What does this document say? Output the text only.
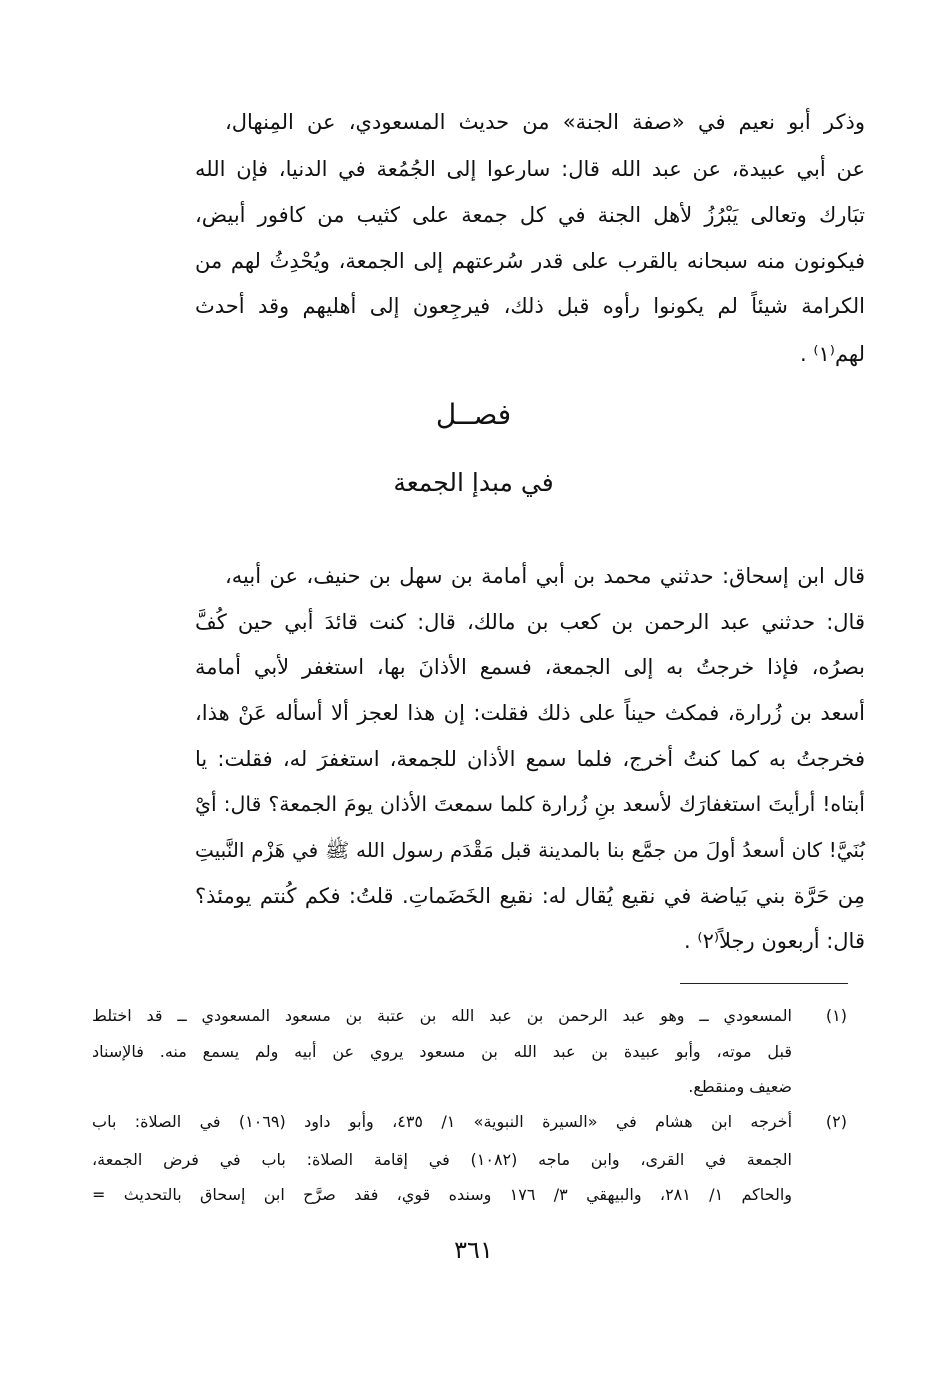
وذكر أبو نعيم في «صفة الجنة» من حديث المسعودي، عن المِنهال،
عن أبي عبيدة، عن عبد الله قال: سارعوا إلى الجُمُعة في الدنيا، فإن الله
تبَارك وتعالى يَبْرُزُ لأهل الجنة في كل جمعة على كثيب من كافور أبيض،
فيكونون منه سبحانه بالقرب على قدر سُرعتهم إلى الجمعة، ويُحْدِثُ لهم من
الكرامة شيئاً لم يكونوا رأوه قبل ذلك، فيرجِعون إلى أهليهم وقد أحدث
لهم⁽١⁾ .
فصــل
في مبدإ الجمعة
قال ابن إسحاق: حدثني محمد بن أبي أمامة بن سهل بن حنيف، عن أبيه،
قال: حدثني عبد الرحمن بن كعب بن مالك، قال: كنت قائدَ أبي حين كُفَّ
بصرُه، فإذا خرجتُ به إلى الجمعة، فسمع الأذانَ بها، استغفر لأبي أمامة
أسعد بن زُرارة، فمكث حيناً على ذلك فقلت: إن هذا لعجز ألا أسأله عَنْ هذا،
فخرجتُ به كما كنتُ أخرج، فلما سمع الأذان للجمعة، استغفرَ له، فقلت: يا
أبتاه! أرأيتَ استغفارَك لأسعد بنِ زُرارة كلما سمعتَ الأذان يومَ الجمعة؟ قال: أيْ
بُنَيَّ! كان أسعدُ أولَ من جمَّع بنا بالمدينة قبل مَقْدَم رسول الله ﷺ في هَزْم النَّبيتِ
مِن حَرَّة بني بَياضة في نقيع يُقال له: نقيع الخَضَماتِ. قلتُ: فكم كُنتم يومئذ؟
قال: أربعون رجلاً⁽٢⁾ .
(١)
المسعودي ــ وهو عبد الرحمن بن عبد الله بن عتبة بن مسعود المسعودي ــ قد اختلط
قبل موته، وأبو عبيدة بن عبد الله بن مسعود يروي عن أبيه ولم يسمع منه. فالإسناد
ضعيف ومنقطع.
(٢)
أخرجه ابن هشام في «السيرة النبوية» ١/ ٤٣٥، وأبو داود (١٠٦٩) في الصلاة: باب
الجمعة في القرى، وابن ماجه (١٠٨٢) في إقامة الصلاة: باب في فرض الجمعة،
والحاكم ١/ ٢٨١، والبيهقي ٣/ ١٧٦ وسنده قوي، فقد صرَّح ابن إسحاق بالتحديث =
٣٦١
